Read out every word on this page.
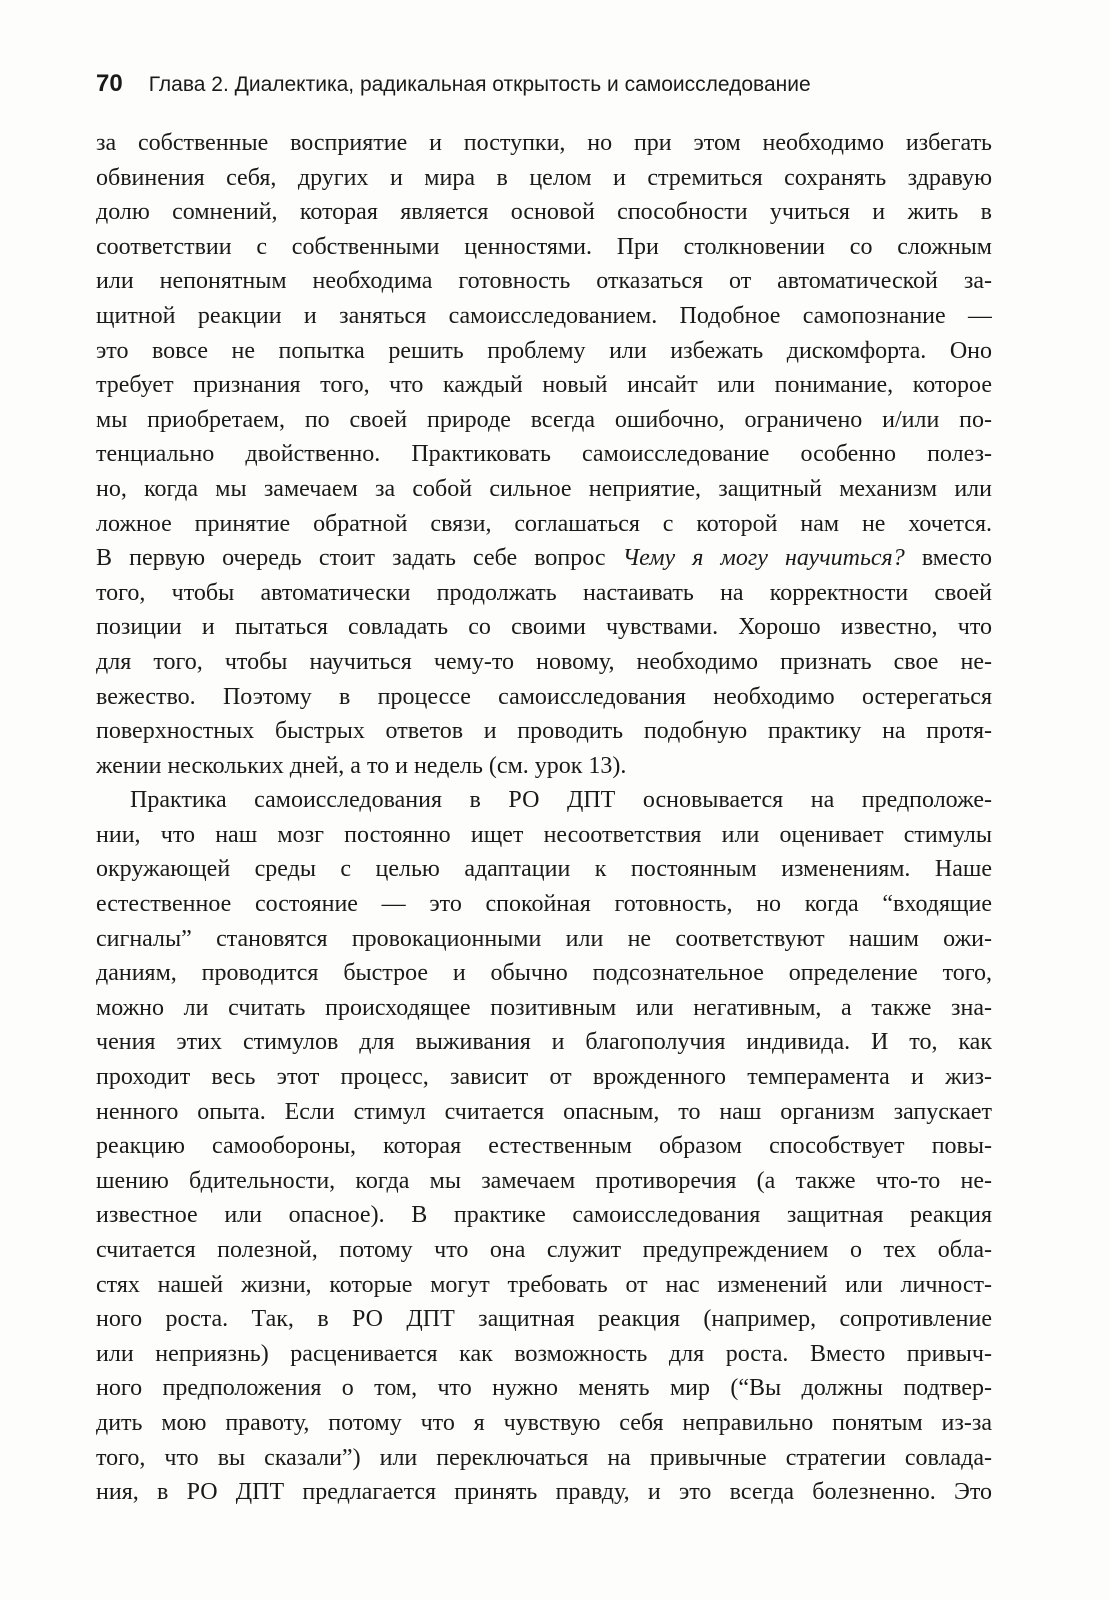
70 Глава 2. Диалектика, радикальная открытость и самоисследование
за собственные восприятие и поступки, но при этом необходимо избегать
обвинения себя, других и мира в целом и стремиться сохранять здравую
долю сомнений, которая является основой способности учиться и жить в
соответствии с собственными ценностями. При столкновении со сложным
или непонятным необходима готовность отказаться от автоматической за-
щитной реакции и заняться самоисследованием. Подобное самопознание —
это вовсе не попытка решить проблему или избежать дискомфорта. Оно
требует признания того, что каждый новый инсайт или понимание, которое
мы приобретаем, по своей природе всегда ошибочно, ограничено и/или по-
тенциально двойственно. Практиковать самоисследование особенно полез-
но, когда мы замечаем за собой сильное неприятие, защитный механизм или
ложное принятие обратной связи, соглашаться с которой нам не хочется.
В первую очередь стоит задать себе вопрос Чему я могу научиться? вместо
того, чтобы автоматически продолжать настаивать на корректности своей
позиции и пытаться совладать со своими чувствами. Хорошо известно, что
для того, чтобы научиться чему-то новому, необходимо признать свое не-
вежество. Поэтому в процессе самоисследования необходимо остерегаться
поверхностных быстрых ответов и проводить подобную практику на протя-
жении нескольких дней, а то и недель (см. урок 13).
Практика самоисследования в РО ДПТ основывается на предположе-
нии, что наш мозг постоянно ищет несоответствия или оценивает стимулы
окружающей среды с целью адаптации к постоянным изменениям. Наше
естественное состояние — это спокойная готовность, но когда “входящие
сигналы” становятся провокационными или не соответствуют нашим ожи-
даниям, проводится быстрое и обычно подсознательное определение того,
можно ли считать происходящее позитивным или негативным, а также зна-
чения этих стимулов для выживания и благополучия индивида. И то, как
проходит весь этот процесс, зависит от врожденного темперамента и жиз-
ненного опыта. Если стимул считается опасным, то наш организм запускает
реакцию самообороны, которая естественным образом способствует повы-
шению бдительности, когда мы замечаем противоречия (а также что-то не-
известное или опасное). В практике самоисследования защитная реакция
считается полезной, потому что она служит предупреждением о тех обла-
стях нашей жизни, которые могут требовать от нас изменений или личност-
ного роста. Так, в РО ДПТ защитная реакция (например, сопротивление
или неприязнь) расценивается как возможность для роста. Вместо привыч-
ного предположения о том, что нужно менять мир (“Вы должны подтвер-
дить мою правоту, потому что я чувствую себя неправильно понятым из-за
того, что вы сказали”) или переключаться на привычные стратегии совлада-
ния, в РО ДПТ предлагается принять правду, и это всегда болезненно. Это
